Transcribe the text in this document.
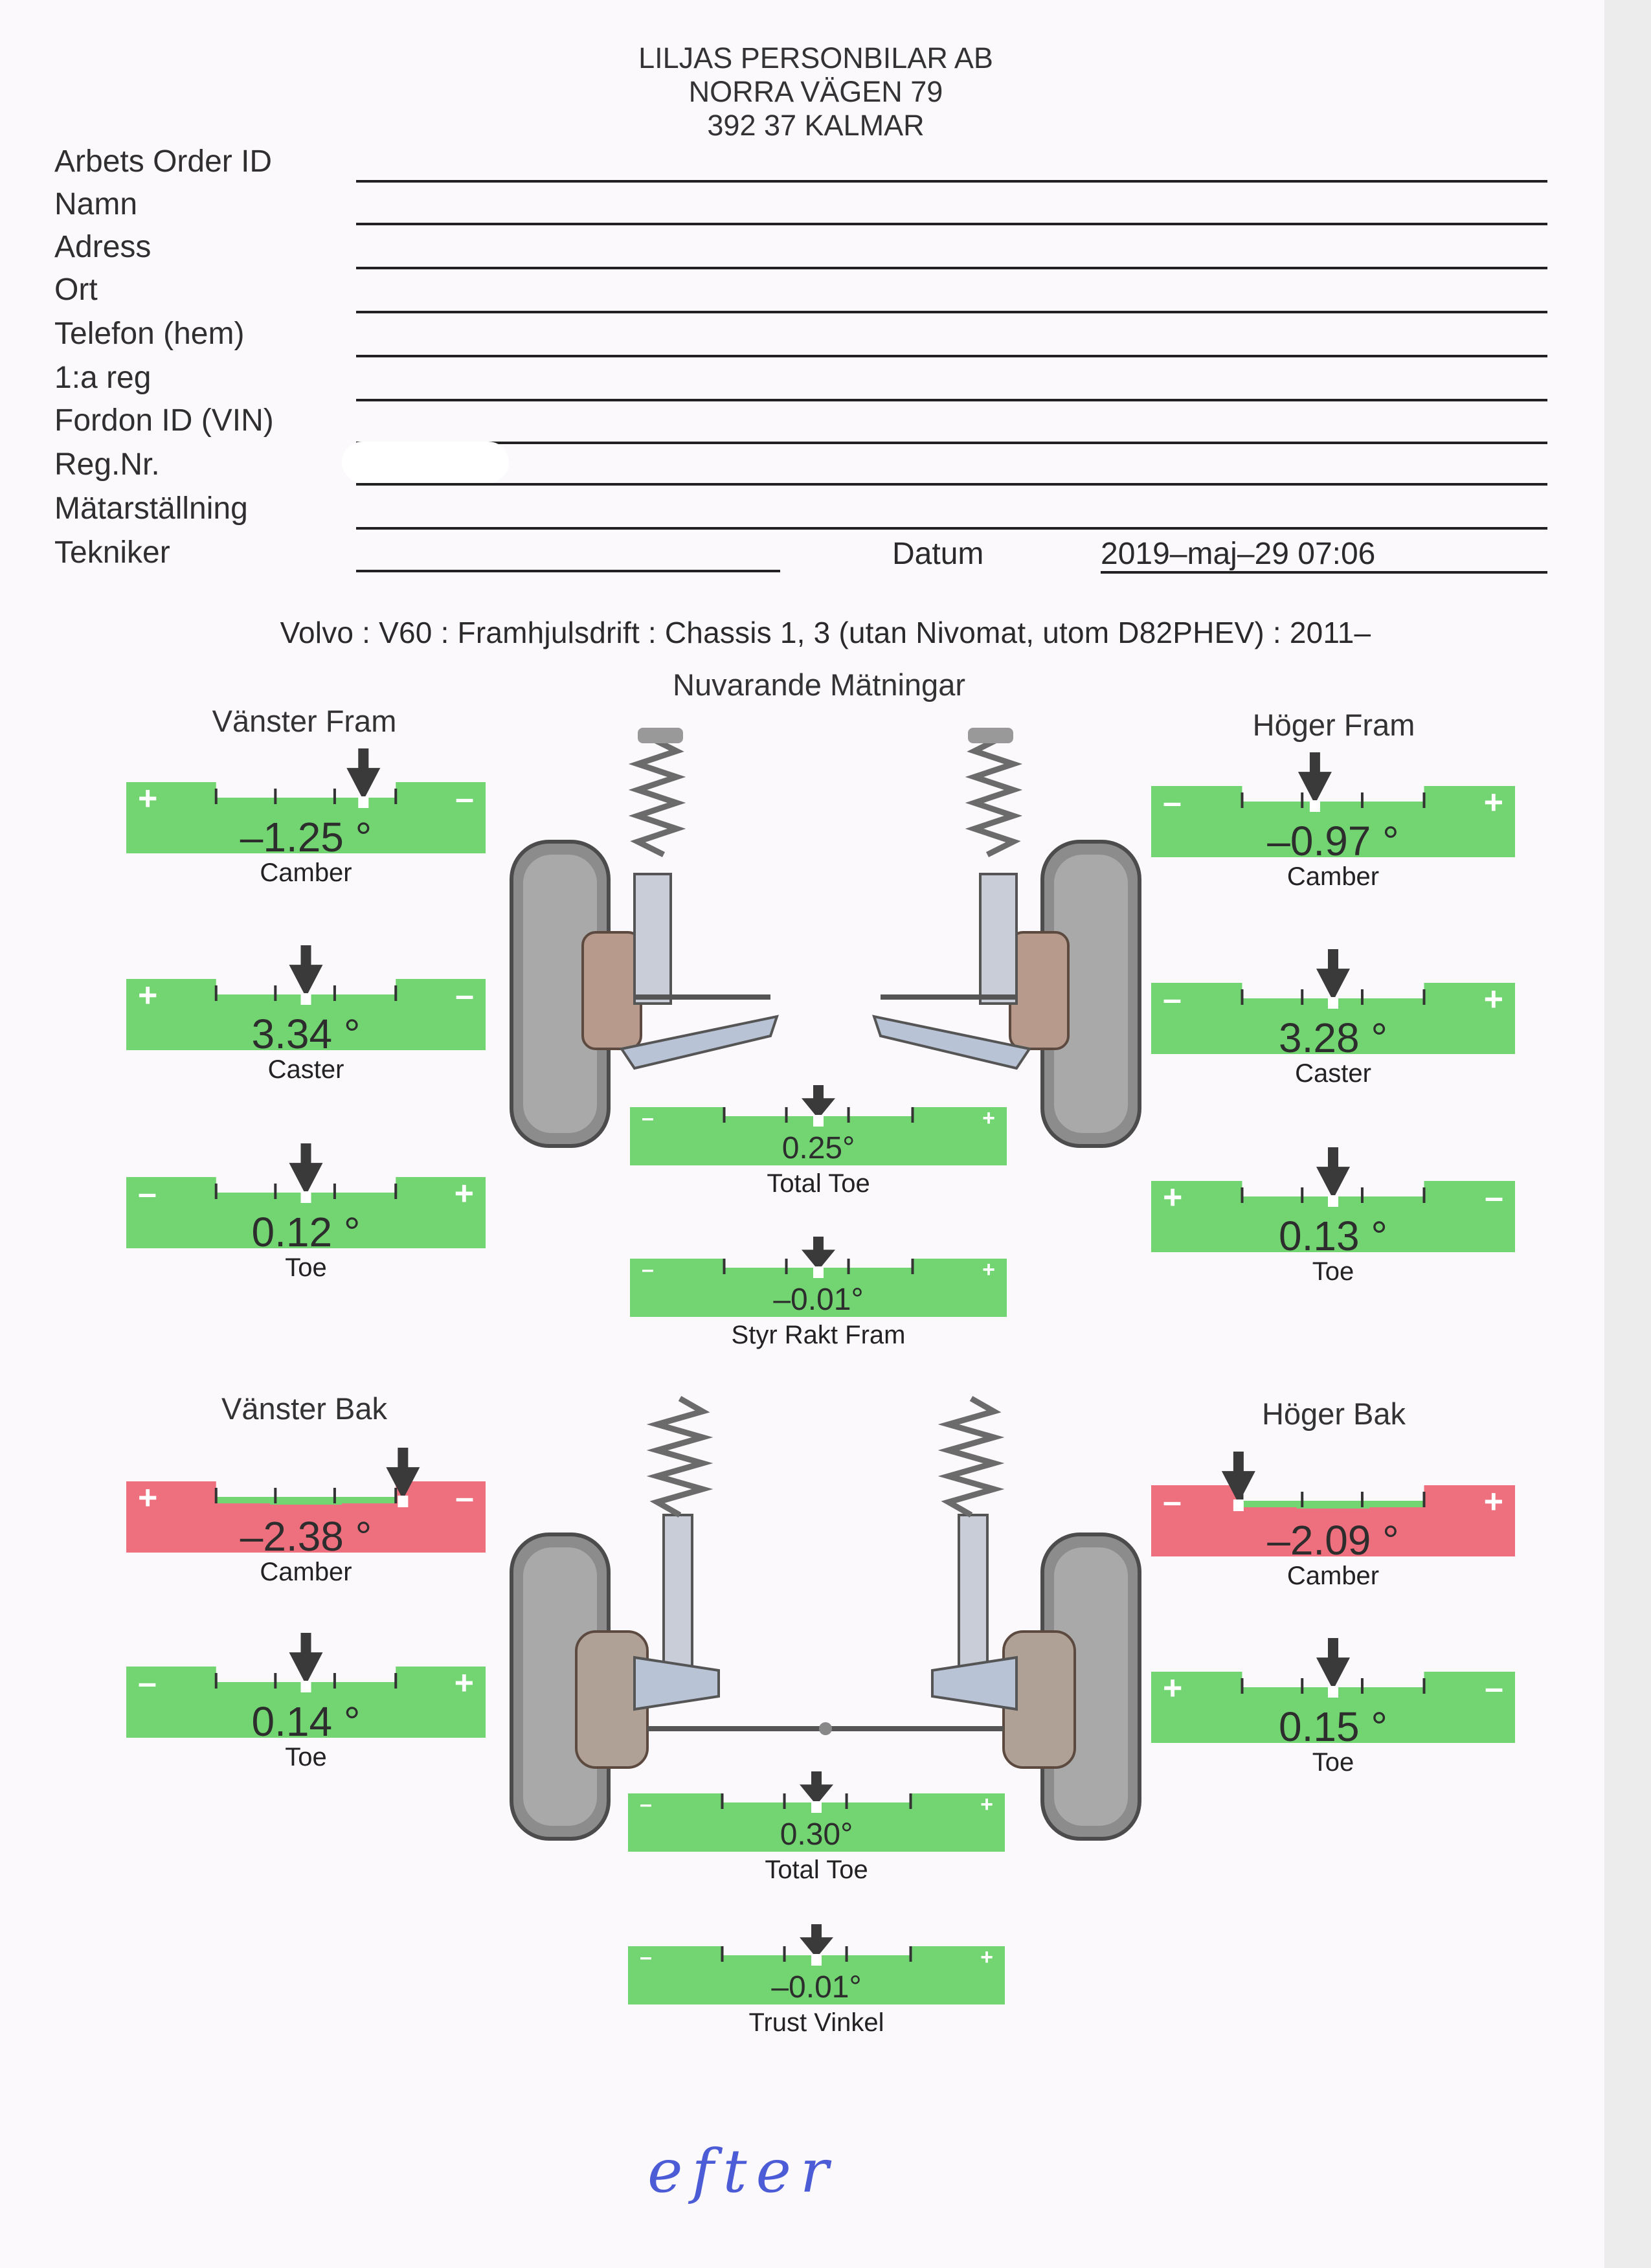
LILJAS PERSONBILAR AB
NORRA VÄGEN 79
392 37 KALMAR
Arbets Order ID
Namn
Adress
Ort
Telefon (hem)
1:a reg
Fordon ID (VIN)
Reg.Nr.
Mätarställning
Tekniker	Datum	2019–maj–29 07:06
Volvo : V60 : Framhjulsdrift : Chassis 1, 3 (utan Nivomat, utom D82PHEV) : 2011–
Nuvarande Mätningar
Vänster Fram	Höger Fram
Vänster Bak	Höger Bak
+	–
–1.25 °
Camber
+	–
3.34 °
Caster
–	+
0.12 °
Toe
–	+
–0.97 °
Camber
–	+
3.28 °
Caster
+	–
0.13 °
Toe
–	+
0.25°
Total Toe
–	+
–0.01°
Styr Rakt Fram
+	–
–2.38 °
Camber
–	+
0.14 °
Toe
–	+
–2.09 °
Camber
+	–
0.15 °
Toe
–	+
0.30°
Total Toe
–	+
–0.01°
Trust Vinkel
efter
